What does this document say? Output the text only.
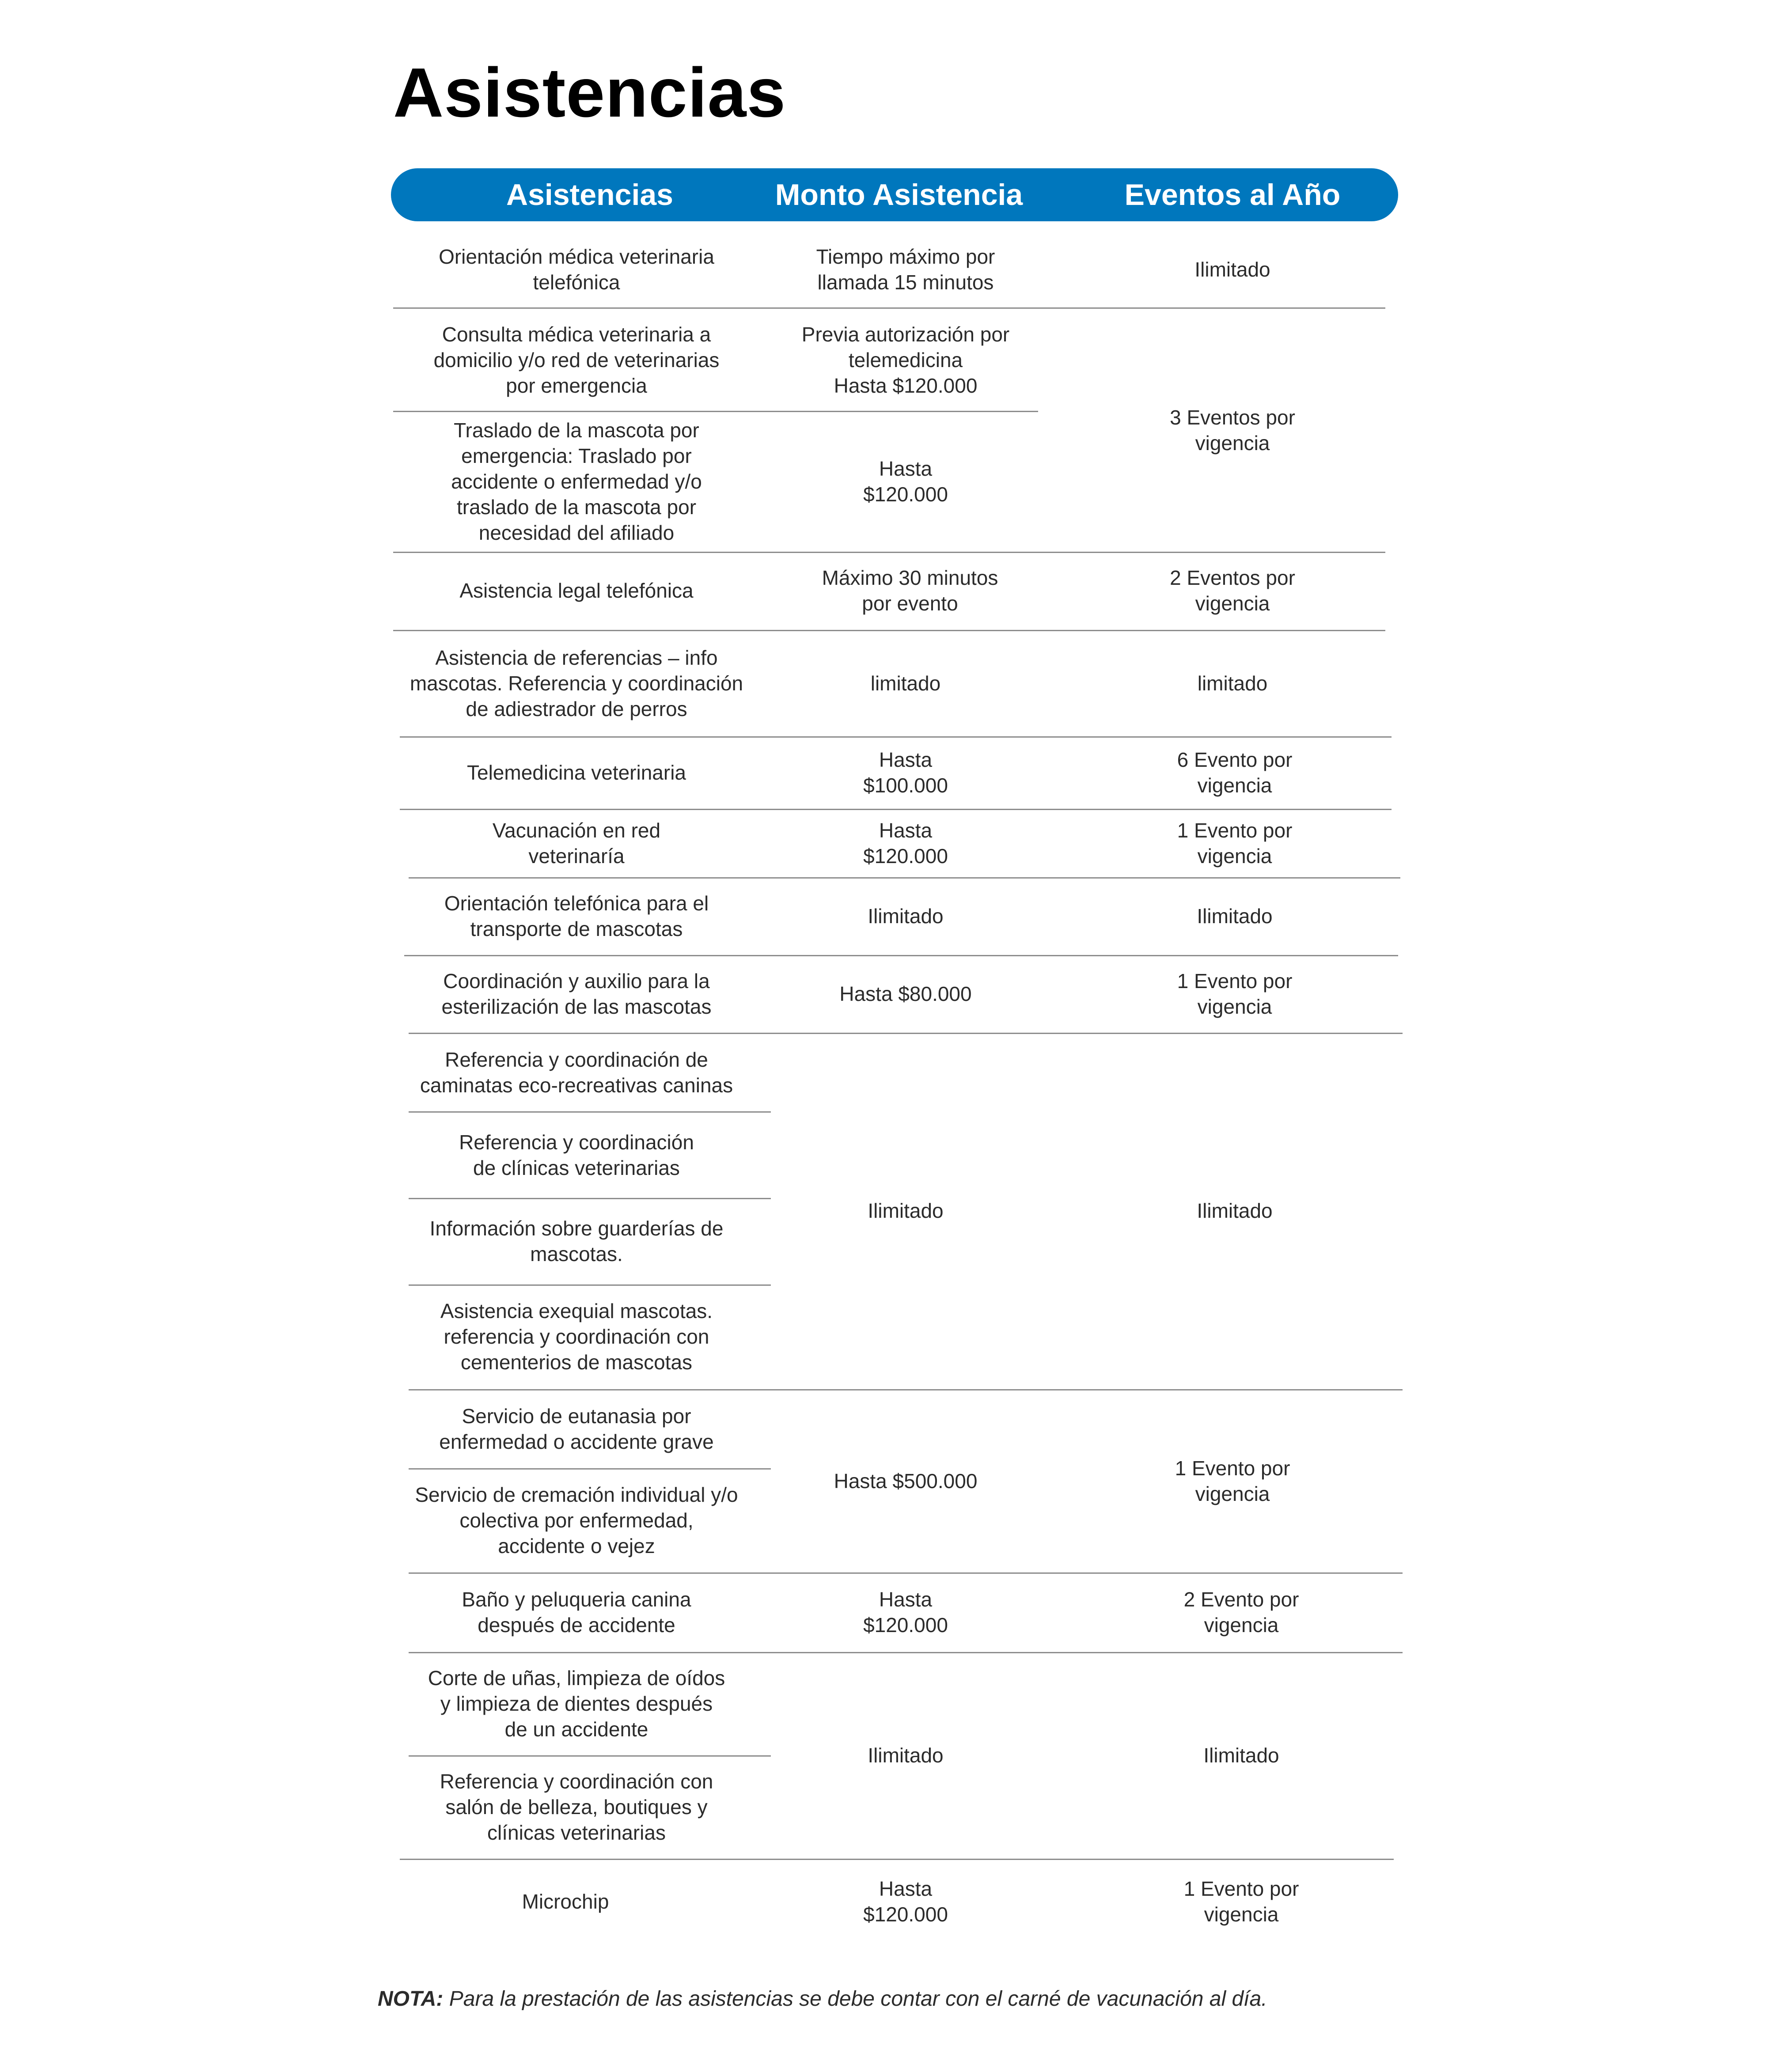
Asistencias
Asistencias	Monto Asistencia	Eventos al Año
Orientación médica veterinaria
telefónica
Consulta médica veterinaria a
domicilio y/o red de veterinarias
por emergencia
Traslado de la mascota por
emergencia: Traslado por
accidente o enfermedad y/o
traslado de la mascota por
necesidad del afiliado
Asistencia legal telefónica
Asistencia de referencias – info
mascotas. Referencia y coordinación
de adiestrador de perros
Telemedicina veterinaria
Vacunación en red
veterinaría
Orientación telefónica para el
transporte de mascotas
Coordinación y auxilio para la
esterilización de las mascotas
Referencia y coordinación de
caminatas eco-recreativas caninas
Referencia y coordinación
de clínicas veterinarias
Información sobre guarderías de
mascotas.
Asistencia exequial mascotas.
referencia y coordinación con
cementerios de mascotas
Servicio de eutanasia por
enfermedad o accidente grave
Servicio de cremación individual y/o
colectiva por enfermedad,
accidente o vejez
Baño y peluqueria canina
después de accidente
Corte de uñas, limpieza de oídos
y limpieza de dientes después
de un accidente
Referencia y coordinación con
salón de belleza, boutiques y
clínicas veterinarias
Microchip
Tiempo máximo por
llamada 15 minutos
Previa autorización por
telemedicina
Hasta $120.000
Hasta
$120.000
Máximo 30 minutos
por evento
limitado
Hasta
$100.000
Hasta
$120.000
Ilimitado
Hasta $80.000
Ilimitado
Hasta $500.000
Hasta
$120.000
Ilimitado
Hasta
$120.000
Ilimitado
3 Eventos por
vigencia
2 Eventos por
vigencia
limitado
6 Evento por
vigencia
1 Evento por
vigencia
Ilimitado
1 Evento por
vigencia
Ilimitado
1 Evento por
vigencia
2 Evento por
vigencia
Ilimitado
1 Evento por
vigencia
NOTA: Para la prestación de las asistencias se debe contar con el carné de vacunación al día.
